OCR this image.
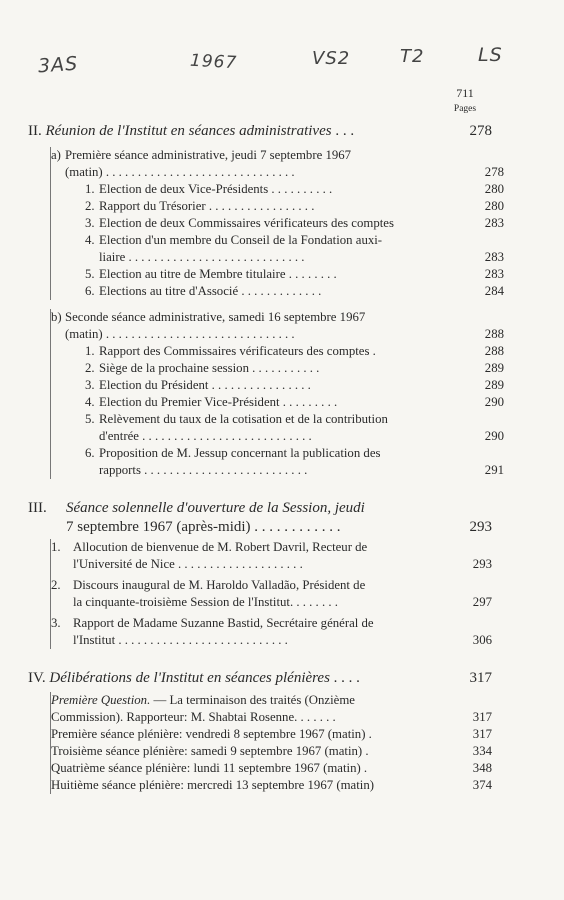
3AS	1967	VS2	T2	LS
711
Pages
II. Réunion de l'Institut en séances administratives . . .	278
a) Première séance administrative, jeudi 7 septembre 1967
(matin) . . . . . . . . . . . . . . . . . . . . . . . . . . . . . .	278
1. Election de deux Vice-Présidents . . . . . . . . . .	280
2. Rapport du Trésorier . . . . . . . . . . . . . . . . .	280
3. Election de deux Commissaires vérificateurs des comptes	283
4. Election d'un membre du Conseil de la Fondation auxi-
liaire . . . . . . . . . . . . . . . . . . . . . . . . . . . .	283
5. Election au titre de Membre titulaire . . . . . . . .	283
6. Elections au titre d'Associé . . . . . . . . . . . . .	284
b) Seconde séance administrative, samedi 16 septembre 1967
(matin) . . . . . . . . . . . . . . . . . . . . . . . . . . . . . .	288
1. Rapport des Commissaires vérificateurs des comptes .	288
2. Siège de la prochaine session . . . . . . . . . . .	289
3. Election du Président . . . . . . . . . . . . . . . .	289
4. Election du Premier Vice-Président . . . . . . . . .	290
5. Relèvement du taux de la cotisation et de la contribution
d'entrée . . . . . . . . . . . . . . . . . . . . . . . . . . .	290
6. Proposition de M. Jessup concernant la publication des
rapports . . . . . . . . . . . . . . . . . . . . . . . . . .	291
III.	Séance solennelle d'ouverture de la Session, jeudi
7 septembre 1967 (après-midi) . . . . . . . . . . . .	293
1. Allocution de bienvenue de M. Robert Davril, Recteur de
l'Université de Nice . . . . . . . . . . . . . . . . . . . .	293
2. Discours inaugural de M. Haroldo Valladão, Président de
la cinquante-troisième Session de l'Institut. . . . . . . .	297
3. Rapport de Madame Suzanne Bastid, Secrétaire général de
l'Institut . . . . . . . . . . . . . . . . . . . . . . . . . . .	306
IV. Délibérations de l'Institut en séances plénières . . . .	317
Première Question. — La terminaison des traités (Onzième
Commission). Rapporteur: M. Shabtai Rosenne. . . . . . .	317
Première séance plénière: vendredi 8 septembre 1967 (matin) .	317
Troisième séance plénière: samedi 9 septembre 1967 (matin) .	334
Quatrième séance plénière: lundi 11 septembre 1967 (matin) .	348
Huitième séance plénière: mercredi 13 septembre 1967 (matin)	374
